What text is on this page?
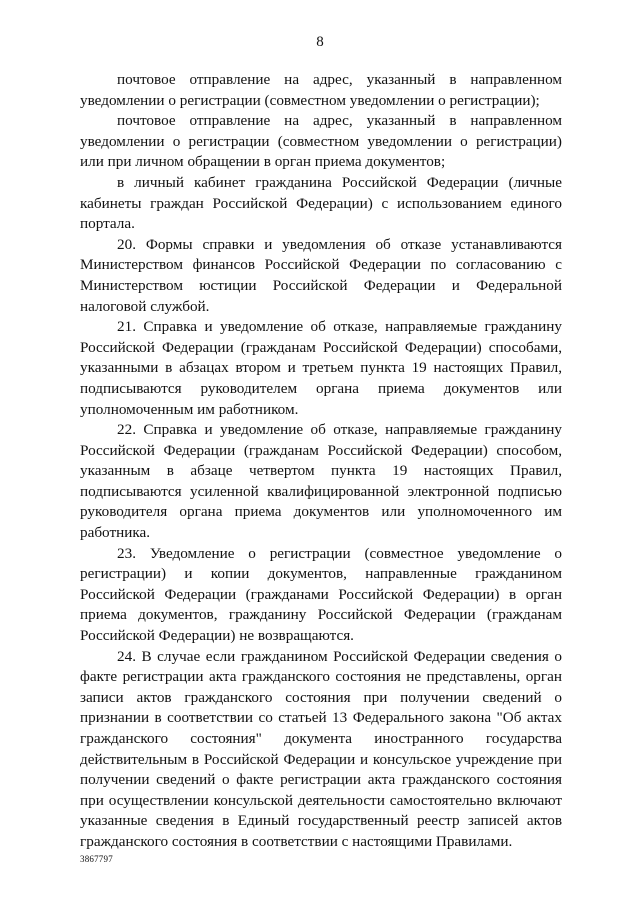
8

почтовое отправление на адрес, указанный в направленном уведомлении о регистрации (совместном уведомлении о регистрации);

почтовое отправление на адрес, указанный в направленном уведомлении о регистрации (совместном уведомлении о регистрации) или при личном обращении в орган приема документов;

в личный кабинет гражданина Российской Федерации (личные кабинеты граждан Российской Федерации) с использованием единого портала.

20. Формы справки и уведомления об отказе устанавливаются Министерством финансов Российской Федерации по согласованию с Министерством юстиции Российской Федерации и Федеральной налоговой службой.

21. Справка и уведомление об отказе, направляемые гражданину Российской Федерации (гражданам Российской Федерации) способами, указанными в абзацах втором и третьем пункта 19 настоящих Правил, подписываются руководителем органа приема документов или уполномоченным им работником.

22. Справка и уведомление об отказе, направляемые гражданину Российской Федерации (гражданам Российской Федерации) способом, указанным в абзаце четвертом пункта 19 настоящих Правил, подписываются усиленной квалифицированной электронной подписью руководителя органа приема документов или уполномоченного им работника.

23. Уведомление о регистрации (совместное уведомление о регистрации) и копии документов, направленные гражданином Российской Федерации (гражданами Российской Федерации) в орган приема документов, гражданину Российской Федерации (гражданам Российской Федерации) не возвращаются.

24. В случае если гражданином Российской Федерации сведения о факте регистрации акта гражданского состояния не представлены, орган записи актов гражданского состояния при получении сведений о признании в соответствии со статьей 13 Федерального закона "Об актах гражданского состояния" документа иностранного государства действительным в Российской Федерации и консульское учреждение при получении сведений о факте регистрации акта гражданского состояния при осуществлении консульской деятельности самостоятельно включают указанные сведения в Единый государственный реестр записей актов гражданского состояния в соответствии с настоящими Правилами.

3867797
